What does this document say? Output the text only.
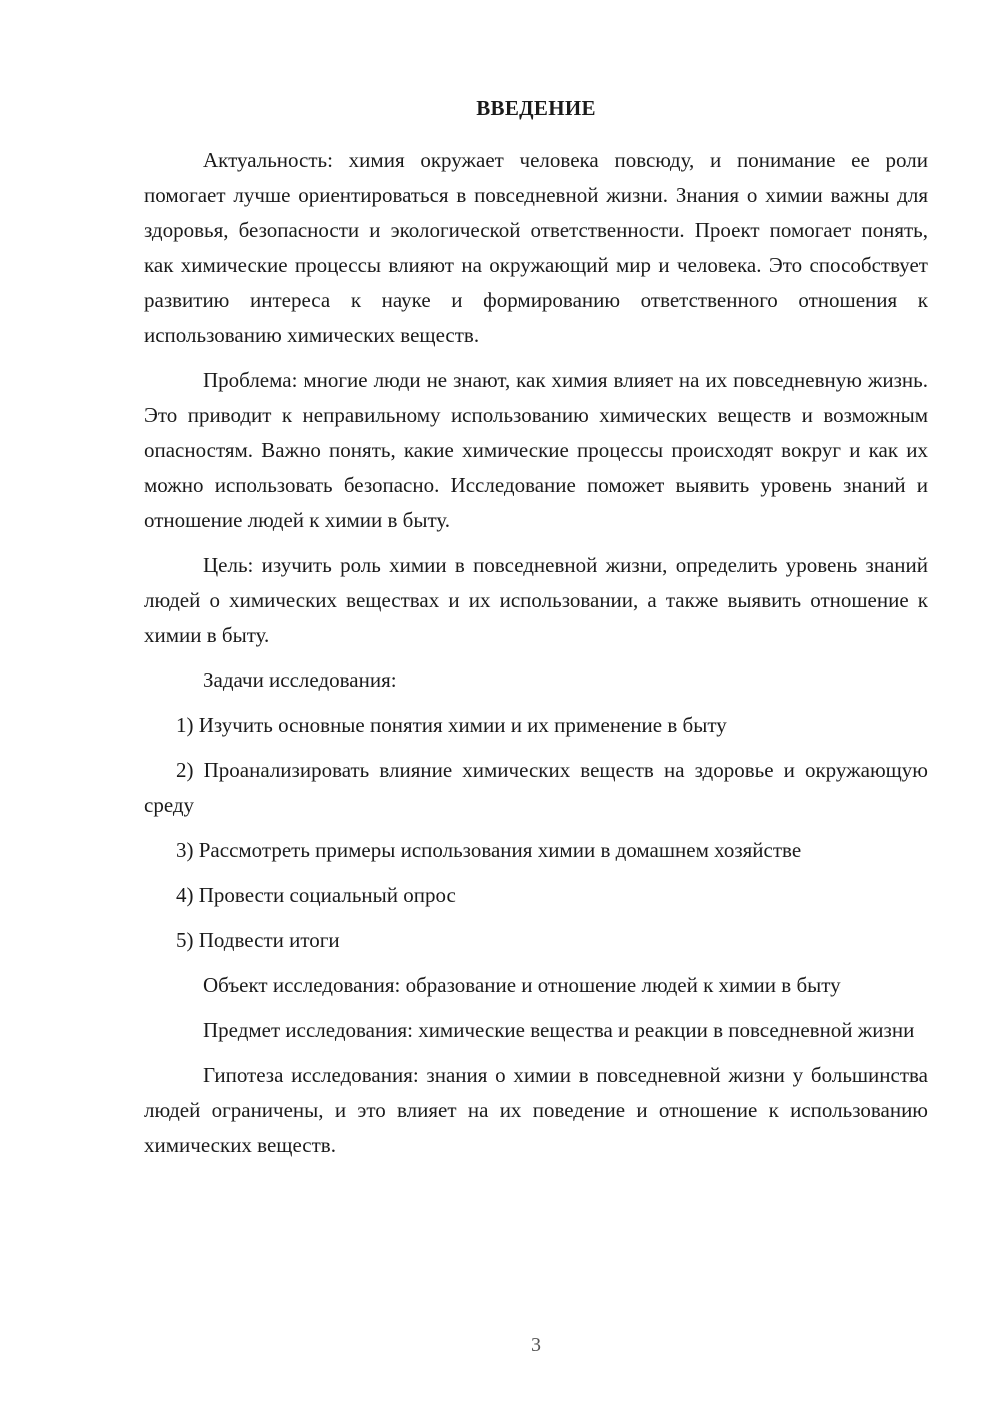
ВВЕДЕНИЕ

Актуальность: химия окружает человека повсюду, и понимание ее роли помогает лучше ориентироваться в повседневной жизни. Знания о химии важны для здоровья, безопасности и экологической ответственности. Проект помогает понять, как химические процессы влияют на окружающий мир и человека. Это способствует развитию интереса к науке и формированию ответственного отношения к использованию химических веществ.

Проблема: многие люди не знают, как химия влияет на их повседневную жизнь. Это приводит к неправильному использованию химических веществ и возможным опасностям. Важно понять, какие химические процессы происходят вокруг и как их можно использовать безопасно. Исследование поможет выявить уровень знаний и отношение людей к химии в быту.

Цель: изучить роль химии в повседневной жизни, определить уровень знаний людей о химических веществах и их использовании, а также выявить отношение к химии в быту.

Задачи исследования:

1) Изучить основные понятия химии и их применение в быту

2) Проанализировать влияние химических веществ на здоровье и окружающую среду

3) Рассмотреть примеры использования химии в домашнем хозяйстве

4) Провести социальный опрос

5) Подвести итоги

Объект исследования: образование и отношение людей к химии в быту

Предмет исследования: химические вещества и реакции в повседневной жизни

Гипотеза исследования: знания о химии в повседневной жизни у большинства людей ограничены, и это влияет на их поведение и отношение к использованию химических веществ.

3
